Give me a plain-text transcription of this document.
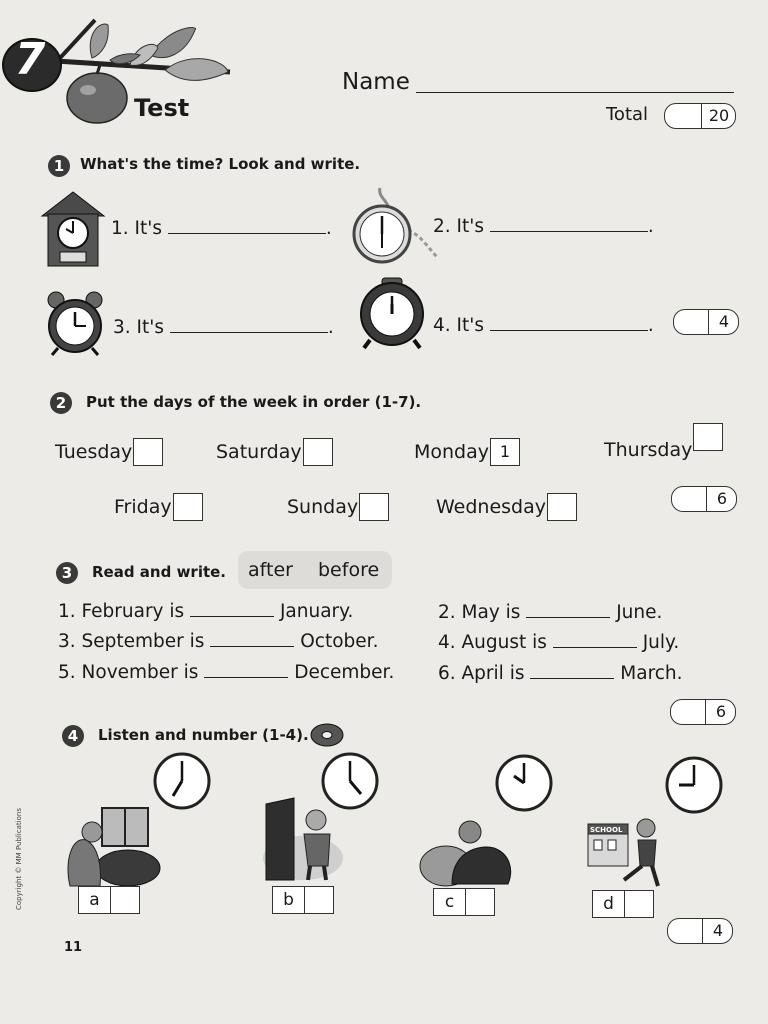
7
Test
Name
Total	20
1	What's the time? Look and write.
1. It's	.	2. It's	.
3. It's	.	4. It's	.	4
2	Put the days of the week in order (1-7).
Tuesday	Saturday	Monday 1	Thursday
Friday	Sunday	Wednesday	6
3	Read and write. after before
1. February is	January.	2. May is	June.
3. September is	October.	4. August is	July.
5. November is	December. 6. April is	March.
6
4	Listen and number (1-4).
SCHOOL
a	b	c	d
4
Copyright © MM Publications
11
